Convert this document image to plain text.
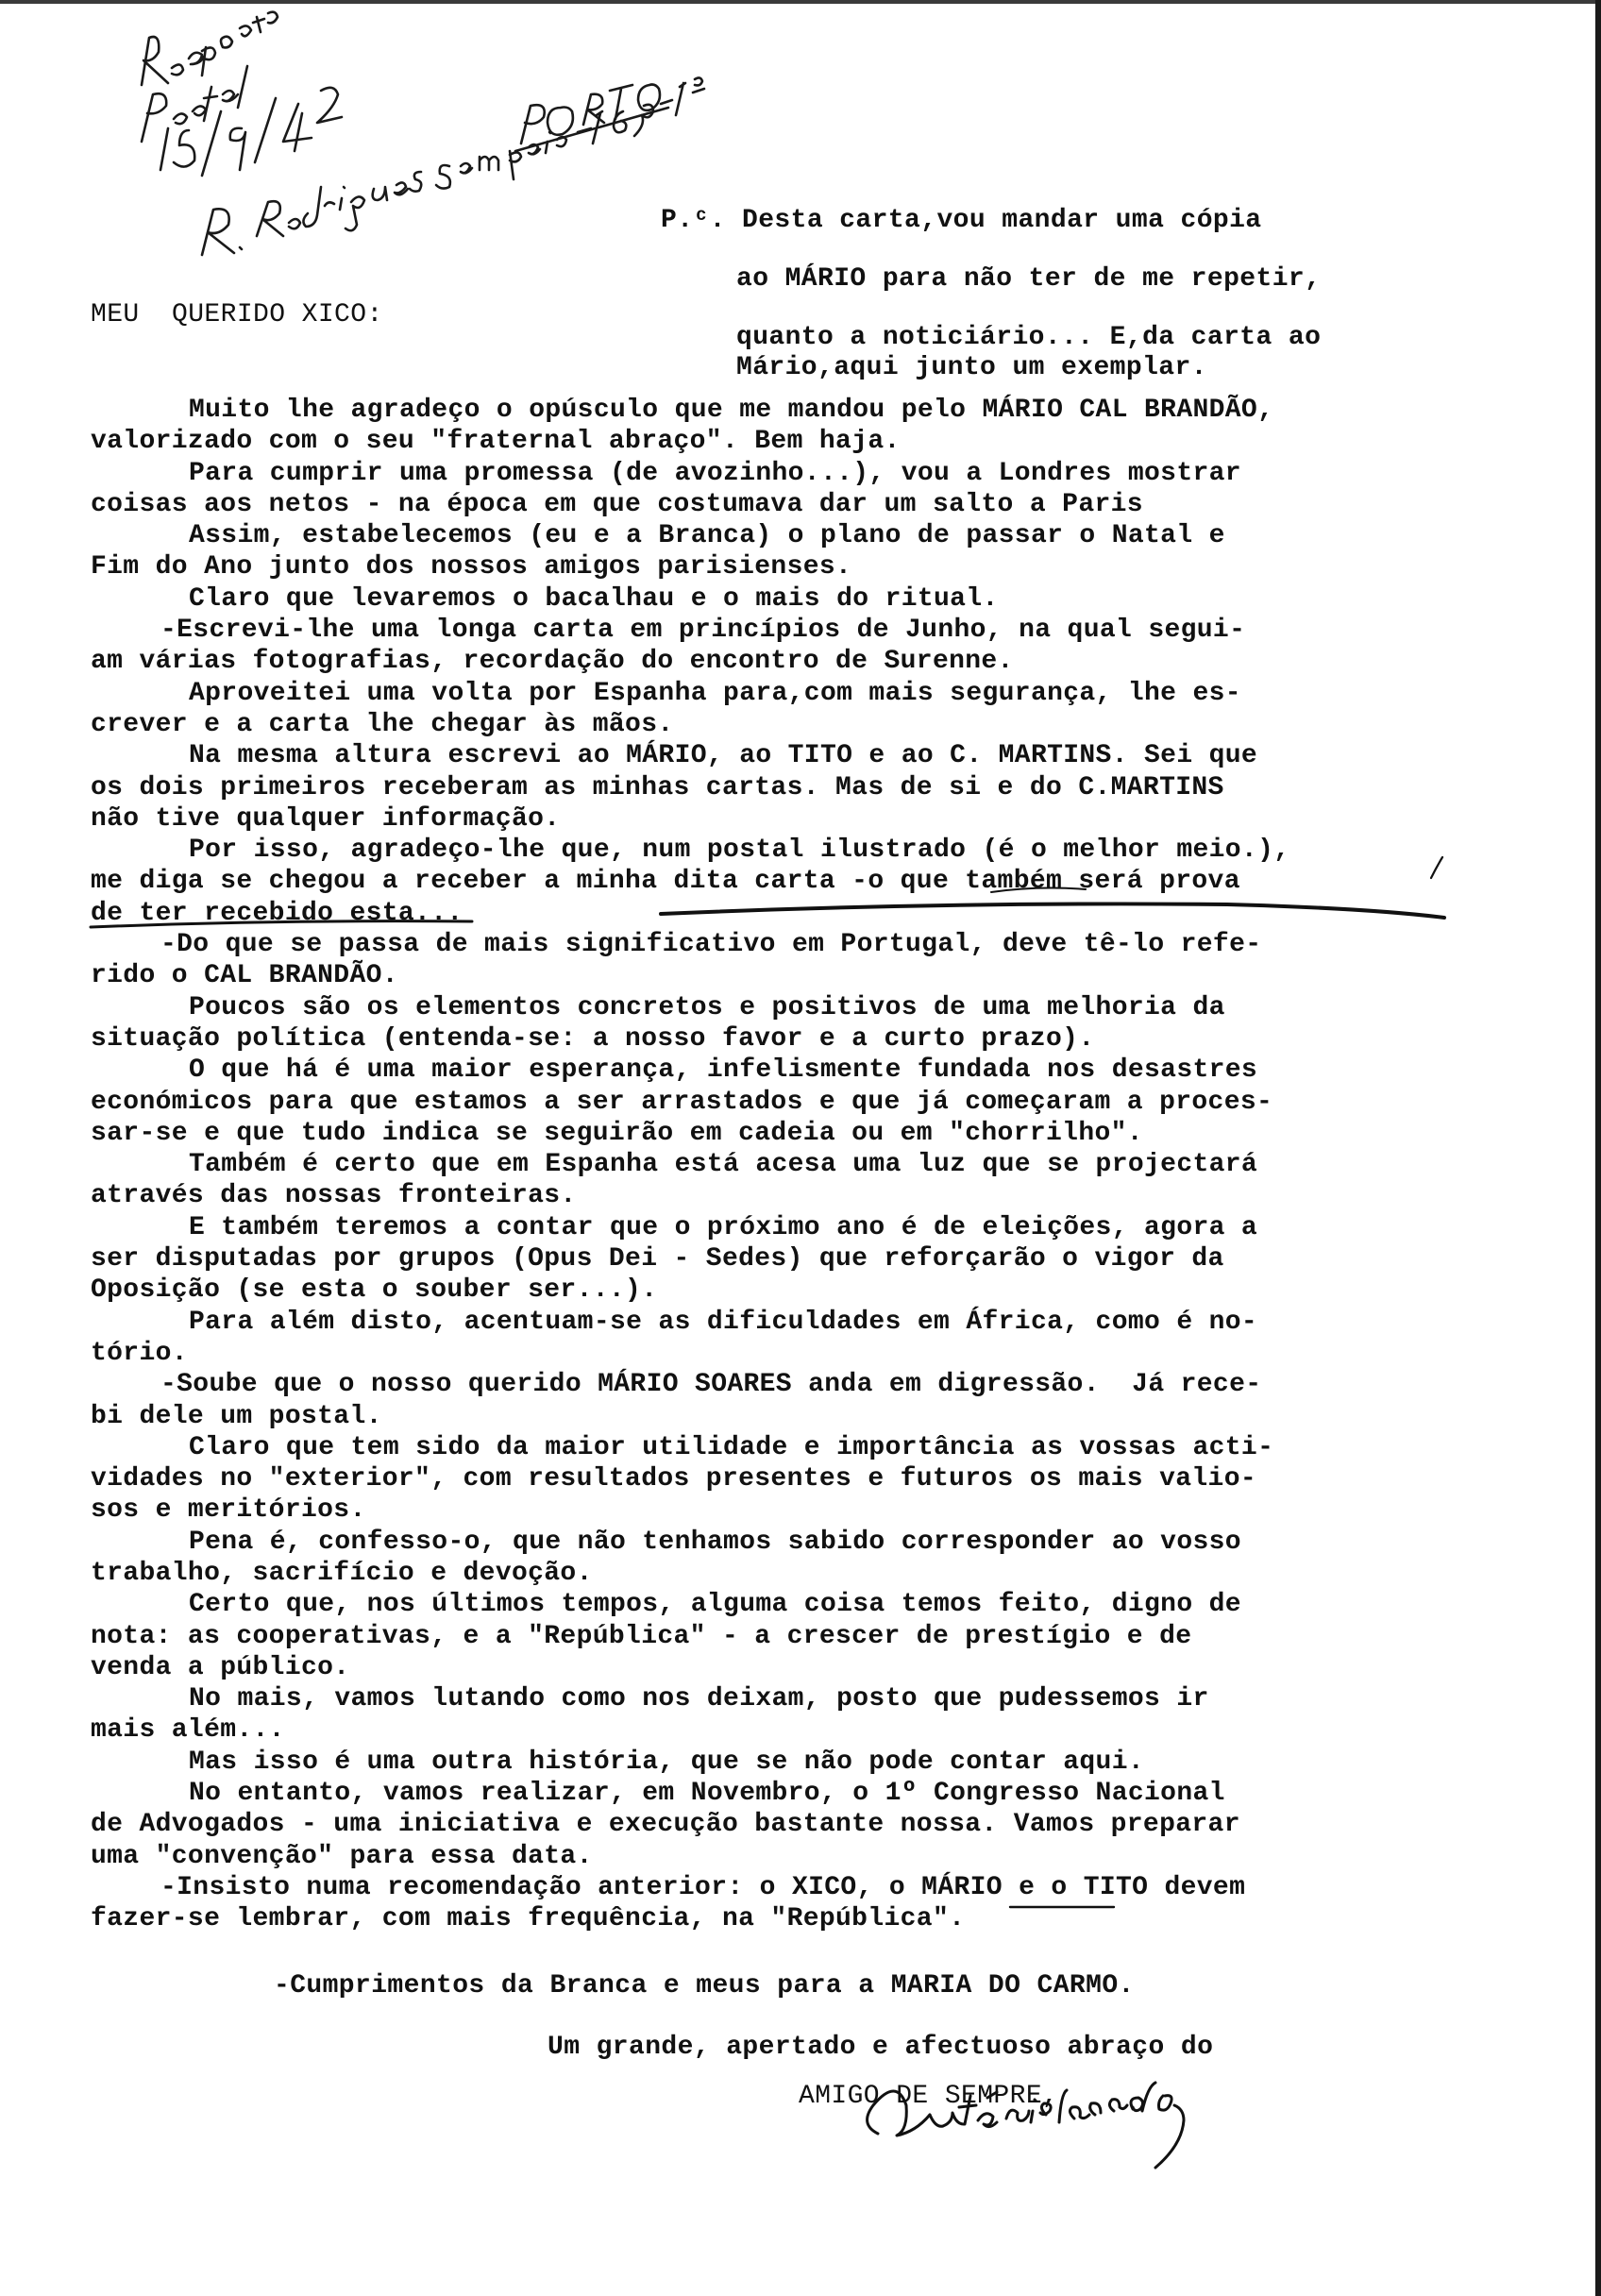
P.ᶜ. Desta carta,vou mandar uma cópia
ao MÁRIO para não ter de me repetir,
quanto a noticiário... E,da carta ao
Mário,aqui junto um exemplar.
MEU  QUERIDO XICO:
Muito lhe agradeço o opúsculo que me mandou pelo MÁRIO CAL BRANDÃO,
valorizado com o seu "fraternal abraço". Bem haja.
Para cumprir uma promessa (de avozinho...), vou a Londres mostrar
coisas aos netos - na época em que costumava dar um salto a Paris
Assim, estabelecemos (eu e a Branca) o plano de passar o Natal e
Fim do Ano junto dos nossos amigos parisienses.
Claro que levaremos o bacalhau e o mais do ritual.
-Escrevi-lhe uma longa carta em princípios de Junho, na qual segui-
am várias fotografias, recordação do encontro de Surenne.
Aproveitei uma volta por Espanha para,com mais segurança, lhe es-
crever e a carta lhe chegar às mãos.
Na mesma altura escrevi ao MÁRIO, ao TITO e ao C. MARTINS. Sei que
os dois primeiros receberam as minhas cartas. Mas de si e do C.MARTINS
não tive qualquer informação.
Por isso, agradeço-lhe que, num postal ilustrado (é o melhor meio.),
me diga se chegou a receber a minha dita carta -o que também será prova
de ter recebido esta...
-Do que se passa de mais significativo em Portugal, deve tê-lo refe-
rido o CAL BRANDÃO.
Poucos são os elementos concretos e positivos de uma melhoria da
situação política (entenda-se: a nosso favor e a curto prazo).
O que há é uma maior esperança, infelismente fundada nos desastres
económicos para que estamos a ser arrastados e que já começaram a proces-
sar-se e que tudo indica se seguirão em cadeia ou em "chorrilho".
Também é certo que em Espanha está acesa uma luz que se projectará
através das nossas fronteiras.
E também teremos a contar que o próximo ano é de eleições, agora a
ser disputadas por grupos (Opus Dei - Sedes) que reforçarão o vigor da
Oposição (se esta o souber ser...).
Para além disto, acentuam-se as dificuldades em África, como é no-
tório.
-Soube que o nosso querido MÁRIO SOARES anda em digressão.  Já rece-
bi dele um postal.
Claro que tem sido da maior utilidade e importância as vossas acti-
vidades no "exterior", com resultados presentes e futuros os mais valio-
sos e meritórios.
Pena é, confesso-o, que não tenhamos sabido corresponder ao vosso
trabalho, sacrifício e devoção.
Certo que, nos últimos tempos, alguma coisa temos feito, digno de
nota: as cooperativas, e a "República" - a crescer de prestígio e de
venda a público.
No mais, vamos lutando como nos deixam, posto que pudessemos ir
mais além...
Mas isso é uma outra história, que se não pode contar aqui.
No entanto, vamos realizar, em Novembro, o 1º Congresso Nacional
de Advogados - uma iniciativa e execução bastante nossa. Vamos preparar
uma "convenção" para essa data.
-Insisto numa recomendação anterior: o XICO, o MÁRIO e o TITO devem
fazer-se lembrar, com mais frequência, na "República".
-Cumprimentos da Branca e meus para a MARIA DO CARMO.
Um grande, apertado e afectuoso abraço do
AMIGO DE SEMPRE,
